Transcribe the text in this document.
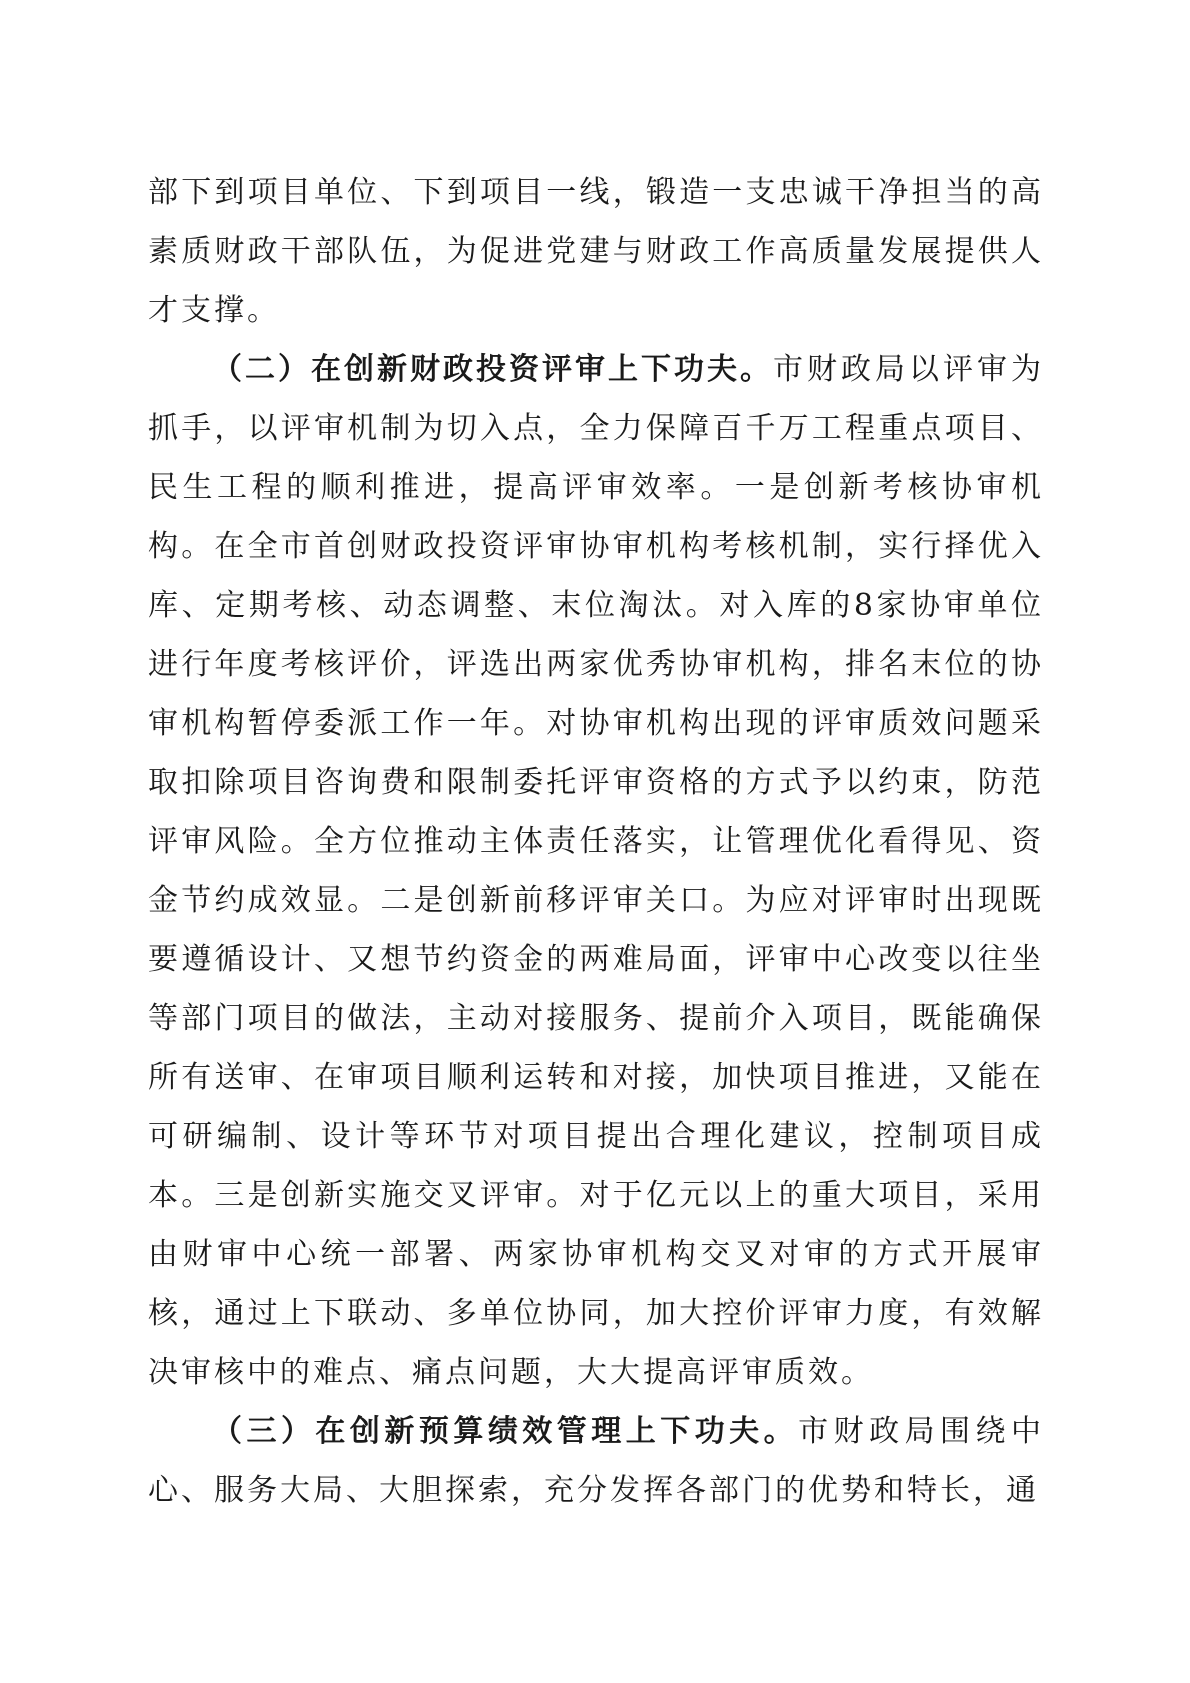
部下到项目单位、下到项目一线，锻造一支忠诚干净担当的高素质财政干部队伍，为促进党建与财政工作高质量发展提供人才支撑。

（二）在创新财政投资评审上下功夫。市财政局以评审为抓手，以评审机制为切入点，全力保障百千万工程重点项目、民生工程的顺利推进，提高评审效率。一是创新考核协审机构。在全市首创财政投资评审协审机构考核机制，实行择优入库、定期考核、动态调整、末位淘汰。对入库的8家协审单位进行年度考核评价，评选出两家优秀协审机构，排名末位的协审机构暂停委派工作一年。对协审机构出现的评审质效问题采取扣除项目咨询费和限制委托评审资格的方式予以约束，防范评审风险。全方位推动主体责任落实，让管理优化看得见、资金节约成效显。二是创新前移评审关口。为应对评审时出现既要遵循设计、又想节约资金的两难局面，评审中心改变以往坐等部门项目的做法，主动对接服务、提前介入项目，既能确保所有送审、在审项目顺利运转和对接，加快项目推进，又能在可研编制、设计等环节对项目提出合理化建议，控制项目成本。三是创新实施交叉评审。对于亿元以上的重大项目，采用由财审中心统一部署、两家协审机构交叉对审的方式开展审核，通过上下联动、多单位协同，加大控价评审力度，有效解决审核中的难点、痛点问题，大大提高评审质效。

（三）在创新预算绩效管理上下功夫。市财政局围绕中心、服务大局、大胆探索，充分发挥各部门的优势和特长，通
